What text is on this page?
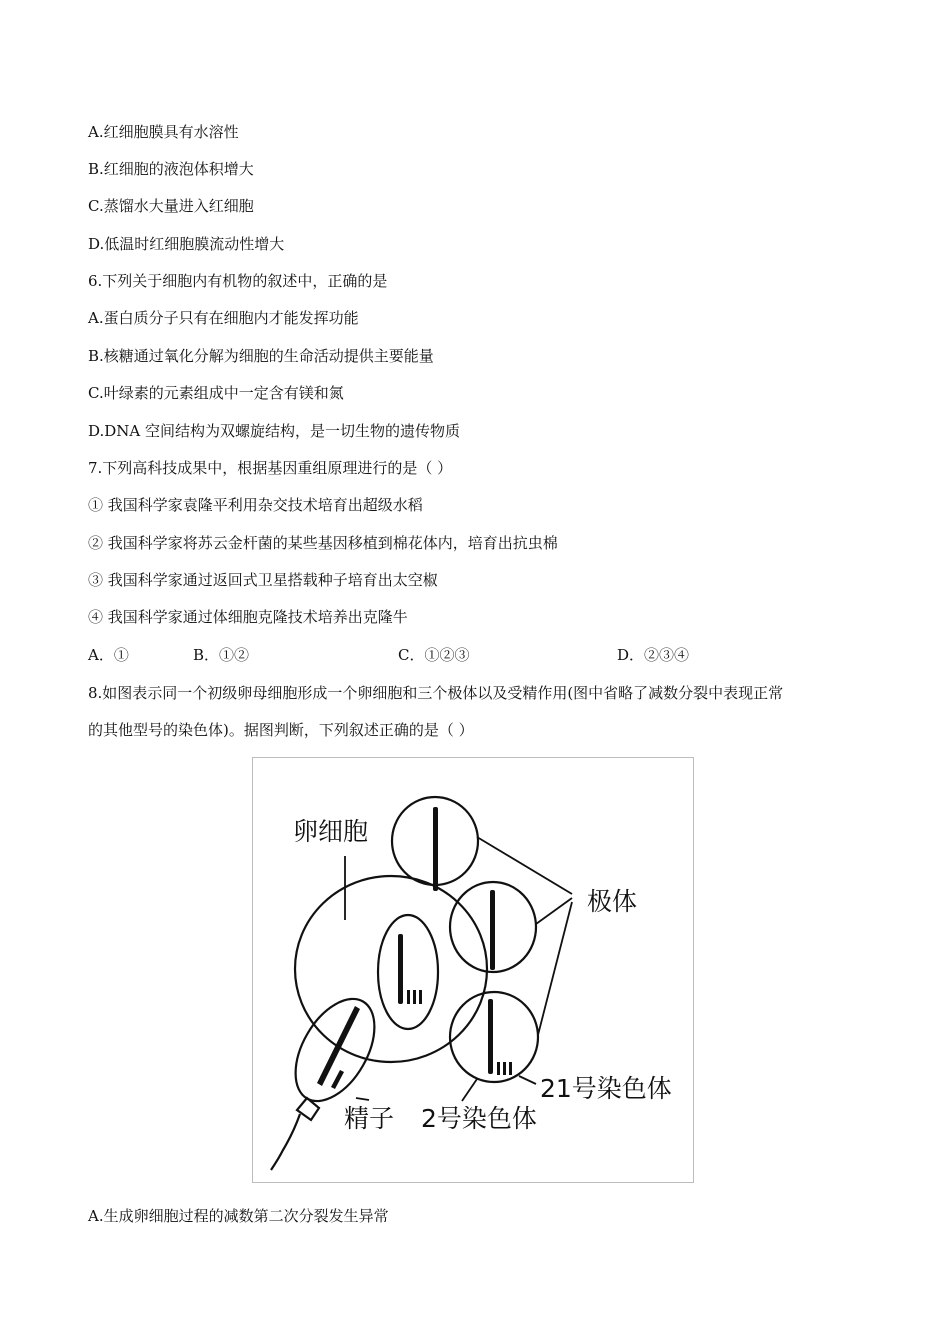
A.红细胞膜具有水溶性
B.红细胞的液泡体积增大
C.蒸馏水大量进入红细胞
D.低温时红细胞膜流动性增大
6.下列关于细胞内有机物的叙述中，正确的是
A.蛋白质分子只有在细胞内才能发挥功能
B.核糖通过氧化分解为细胞的生命活动提供主要能量
C.叶绿素的元素组成中一定含有镁和氮
D.DNA 空间结构为双螺旋结构，是一切生物的遗传物质
7.下列高科技成果中，根据基因重组原理进行的是（ ）
① 我国科学家袁隆平利用杂交技术培育出超级水稻
② 我国科学家将苏云金杆菌的某些基因移植到棉花体内，培育出抗虫棉
③ 我国科学家通过返回式卫星搭载种子培育出太空椒
④ 我国科学家通过体细胞克隆技术培养出克隆牛
A．①	B．①②	C．①②③	D．②③④
8.如图表示同一个初级卵母细胞形成一个卵细胞和三个极体以及受精作用(图中省略了减数分裂中表现正常
的其他型号的染色体)。据图判断，下列叙述正确的是（ ）
卵细胞
极体
21号染色体
精子 2号染色体
A.生成卵细胞过程的减数第二次分裂发生异常
